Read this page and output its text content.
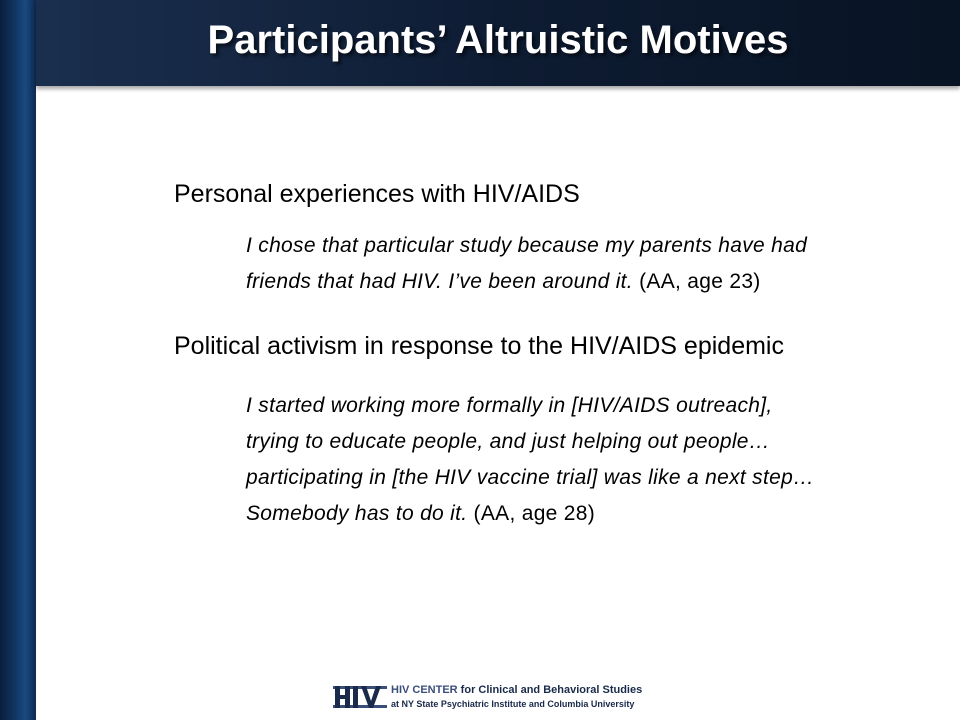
Participants’ Altruistic Motives

Personal experiences with HIV/AIDS

I chose that particular study because my parents have had friends that had HIV. I’ve been around it. (AA, age 23)

Political activism in response to the HIV/AIDS epidemic

I started working more formally in [HIV/AIDS outreach], trying to educate people, and just helping out people…participating in [the HIV vaccine trial] was like a next step… Somebody has to do it. (AA, age 28)

HIV CENTER for Clinical and Behavioral Studies
at NY State Psychiatric Institute and Columbia University
